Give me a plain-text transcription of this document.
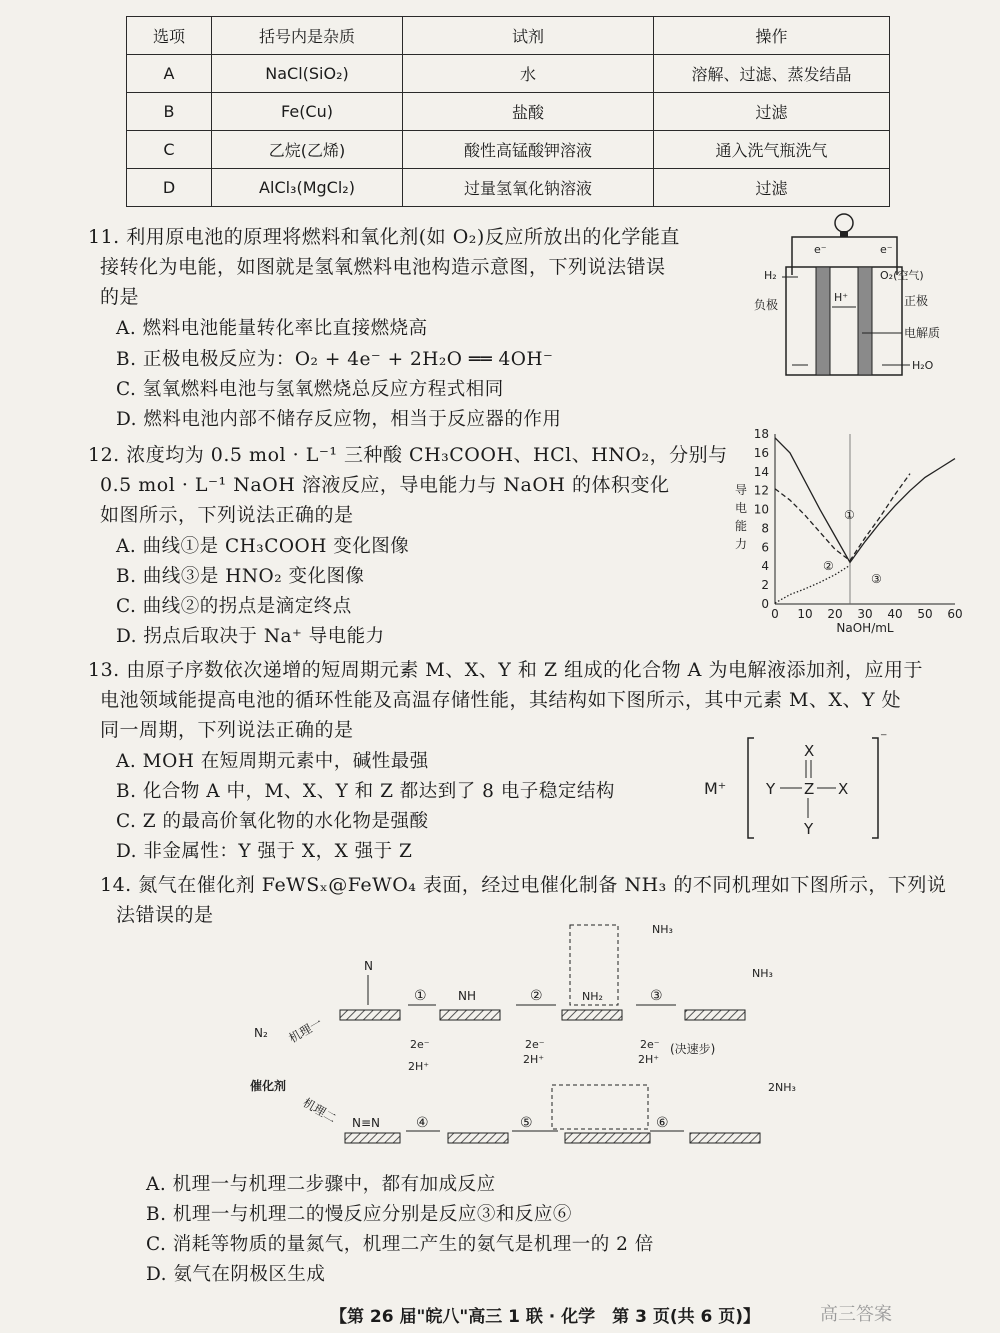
选项	括号内是杂质	试剂	操作
A	NaCl(SiO₂)	水	溶解、过滤、蒸发结晶
B	Fe(Cu)	盐酸	过滤
C	乙烷(乙烯)	酸性高锰酸钾溶液	通入洗气瓶洗气
D	AlCl₃(MgCl₂)	过量氢氧化钠溶液	过滤
11. 利用原电池的原理将燃料和氧化剂(如 O₂)反应所放出的化学能直
接转化为电能，如图就是氢氧燃料电池构造示意图，下列说法错误
的是
A. 燃料电池能量转化率比直接燃烧高
B. 正极电极反应为：O₂ + 4e⁻ + 2H₂O ══ 4OH⁻
C. 氢氧燃料电池与氢氧燃烧总反应方程式相同
D. 燃料电池内部不储存反应物，相当于反应器的作用
e⁻	e⁻
H₂	O₂(空气)
H⁺
负极	正极
电解质
H₂O
12. 浓度均为 0.5 mol · L⁻¹ 三种酸 CH₃COOH、HCl、HNO₂，分别与
0.5 mol · L⁻¹ NaOH 溶液反应，导电能力与 NaOH 的体积变化
如图所示，下列说法正确的是
A. 曲线①是 CH₃COOH 变化图像
B. 曲线③是 HNO₂ 变化图像
C. 曲线②的拐点是滴定终点
D. 拐点后取决于 Na⁺ 导电能力
0
2
4
6
8
10
12
14
16
18
0 10 20 30 40 50 60
NaOH/mL
导
电
能
力
①
②
③
13. 由原子序数依次递增的短周期元素 M、X、Y 和 Z 组成的化合物 A 为电解液添加剂，应用于
电池领域能提高电池的循环性能及高温存储性能，其结构如下图所示，其中元素 M、X、Y 处
同一周期，下列说法正确的是
A. MOH 在短周期元素中，碱性最强
B. 化合物 A 中，M、X、Y 和 Z 都达到了 8 电子稳定结构
C. Z 的最高价氧化物的水化物是强酸
D. 非金属性：Y 强于 X，X 强于 Z
M⁺
⁻
X
Y Z X
Y
14. 氮气在催化剂 FeWSₓ@FeWO₄ 表面，经过电催化制备 NH₃ 的不同机理如下图所示，下列说
法错误的是
N₂ 机理一
催化剂
机理二
N
NH	NH₂
NH₃
NH₃
①	②	③
④	⑤	⑥
2e⁻
2H⁺
2e⁻
2H⁺
2e⁻
2H⁺
(决速步)
N≡N
2NH₃
A. 机理一与机理二步骤中，都有加成反应
B. 机理一与机理二的慢反应分别是反应③和反应⑥
C. 消耗等物质的量氮气，机理二产生的氨气是机理一的 2 倍
D. 氨气在阴极区生成
【第 26 届"皖八"高三 1 联 · 化学　第 3 页(共 6 页)】	高三答案
